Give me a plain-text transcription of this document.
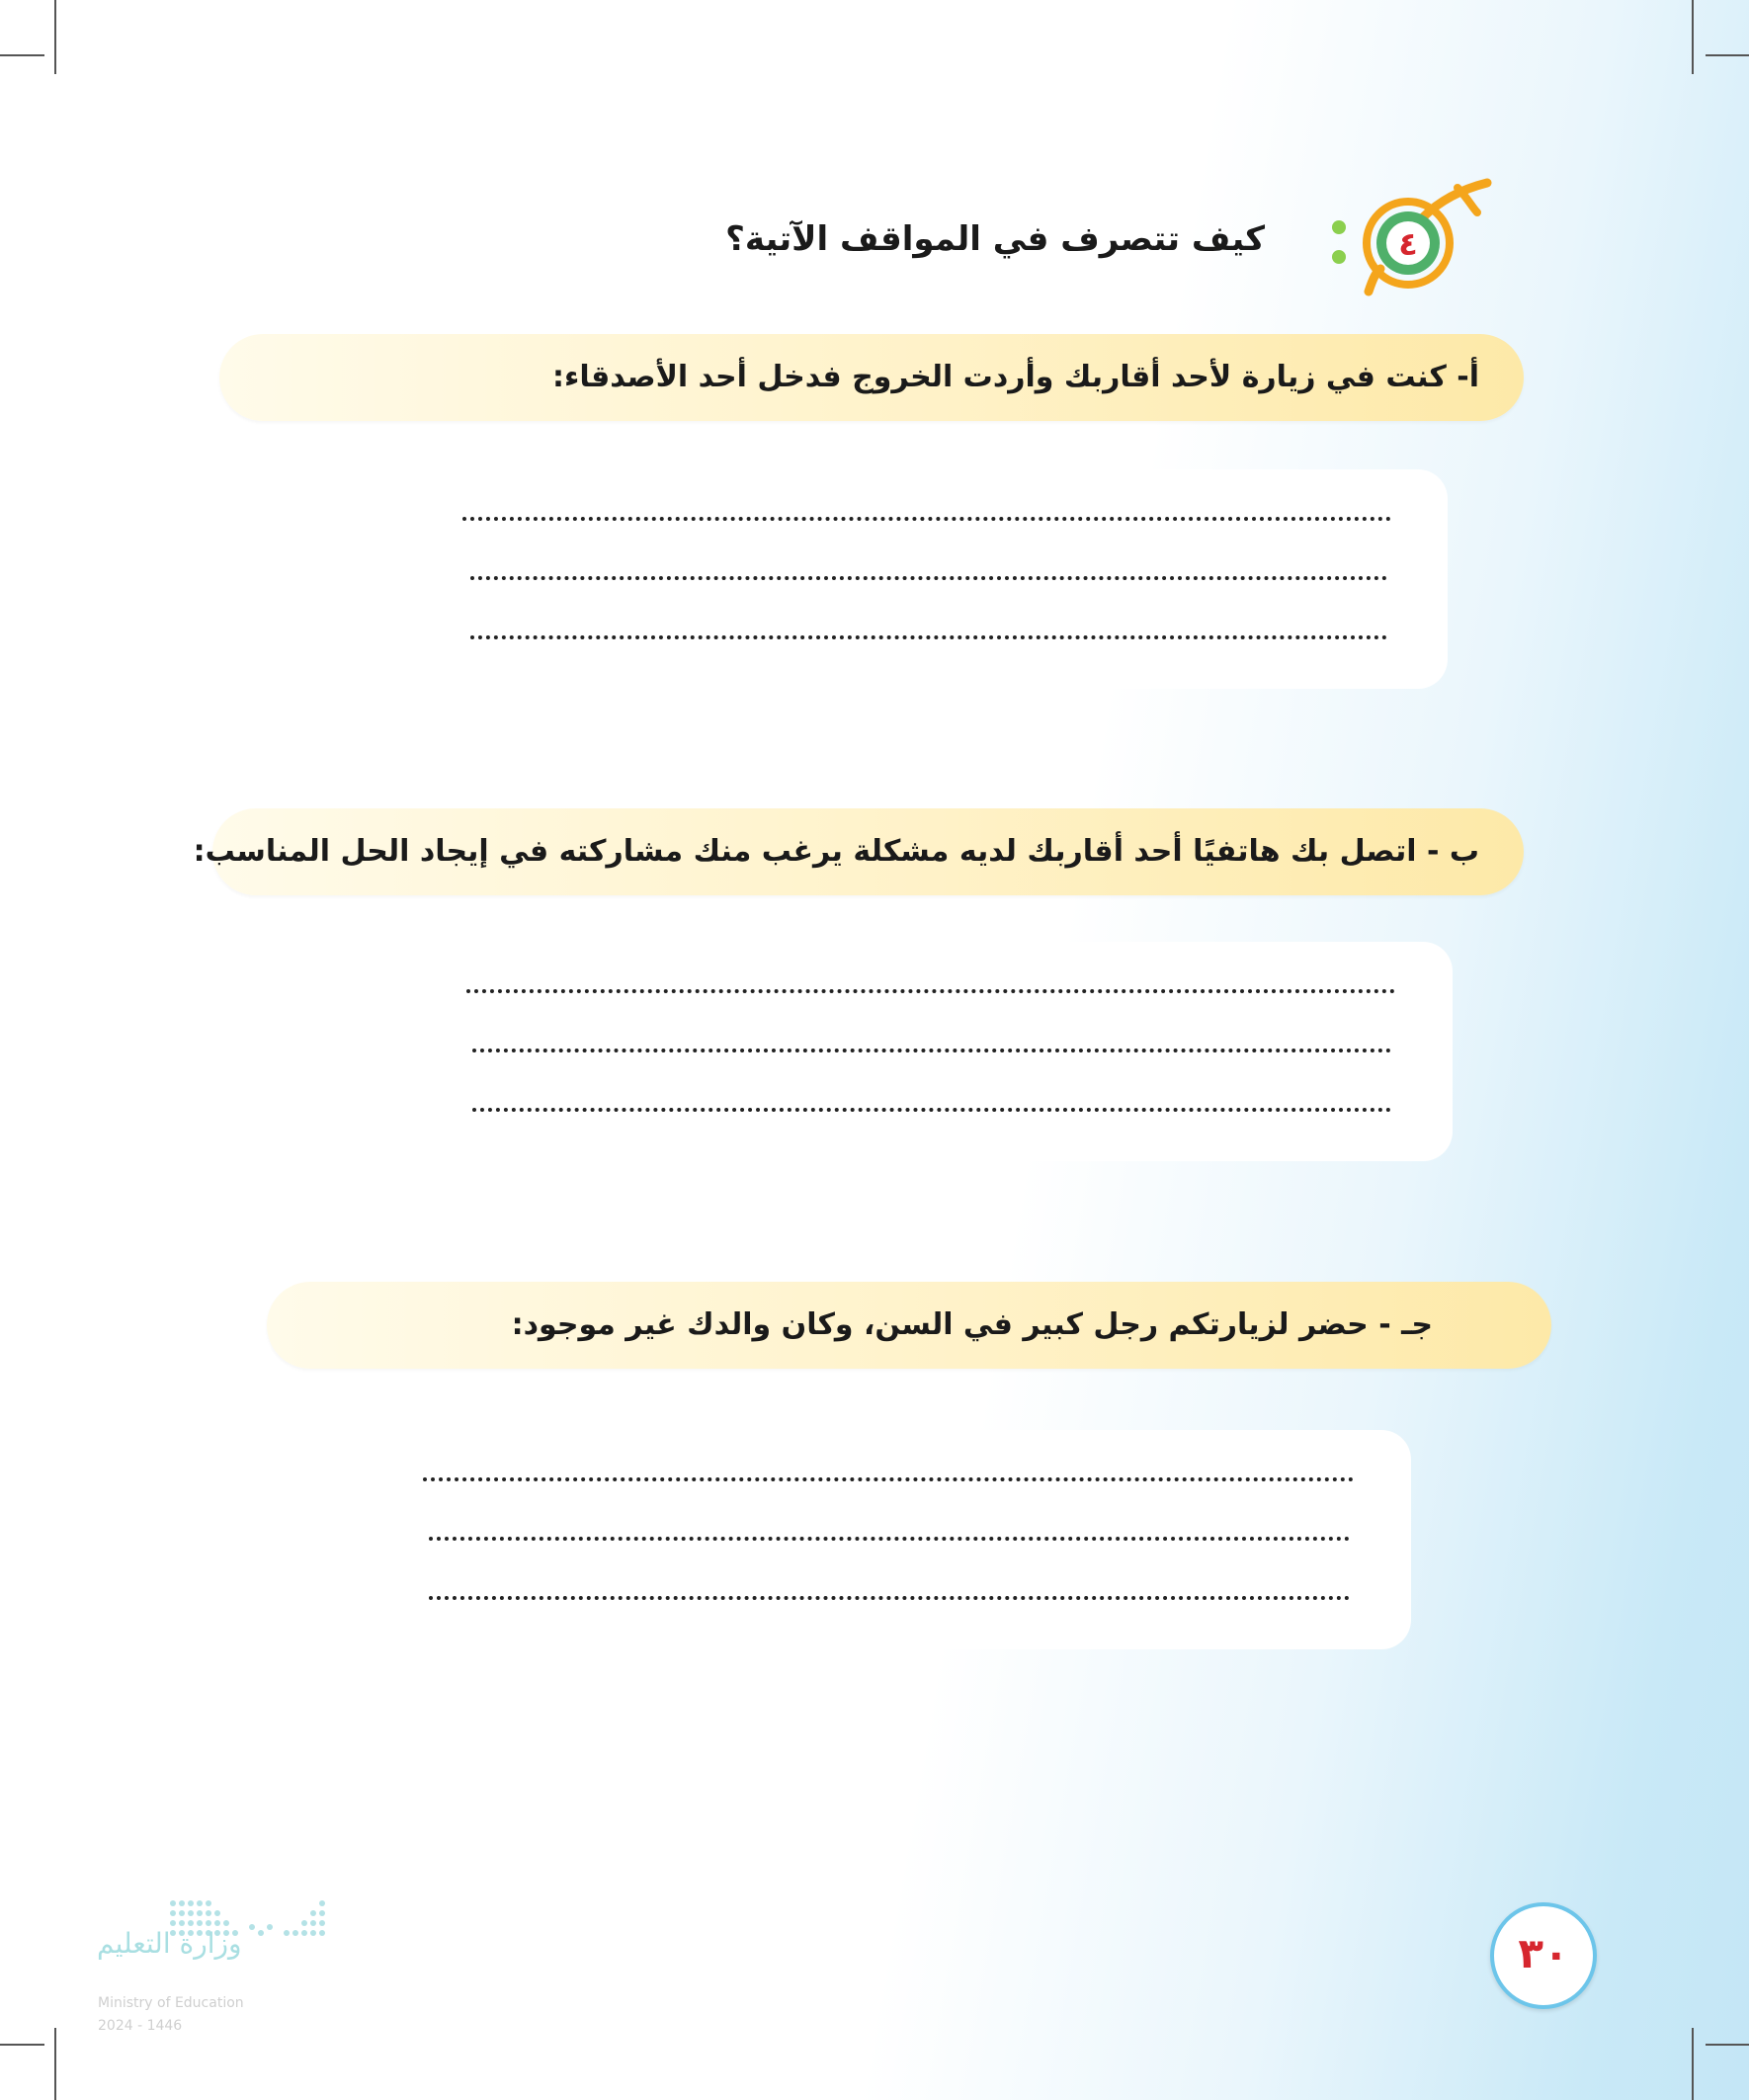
٤
كيف تتصرف في المواقف الآتية؟
أ- كنت في زيارة لأحد أقاربك وأردت الخروج فدخل أحد الأصدقاء:
ب - اتصل بك هاتفيًا أحد أقاربك لديه مشكلة يرغب منك مشاركته في إيجاد الحل المناسب:
جـ - حضر لزيارتكم رجل كبير في السن، وكان والدك غير موجود:
٣٠
وزارة التعليم
Ministry of Education
2024 - 1446
